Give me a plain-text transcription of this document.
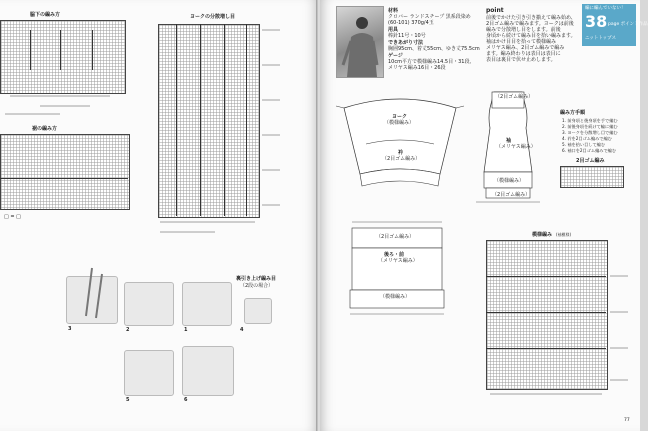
脇下の編み方
裾の編み方
□ = □
ヨークの分散増し目
裏引き上げ編み目
（2段の場合）
3	2	1	4
5	6
材料
クロバー ランドスチープ 黒系段染め
(60-101) 370g/4玉
用具
棒針11号・10号
できあがり寸法
胸囲95cm、着丈55cm、ゆき丈75.5cm
ゲージ
10cm平方で模様編み14.5目・31段、
メリヤス編み16目・26段
point
前後でかけた引き引き揃えて編み始め、
2目ゴム編みで編みます。ヨークは前後
編みで分散増し目をします。前後
身頃から続けて編み目を拾い編みます。
袖はかけ目目を拾って模様編み
メリヤス編み、2目ゴム編みで編み
ます。編み終わりは表目は表目に
表目は裏目で伏せ止めします。
編に編んでいない！
38 page ポイント作品
ニットトップス
ヨーク
（模様編み）
衿
（2目ゴム編み）
（2目ゴム編み）
後ろ・前
（メリヤス編み）
（模様編み）
（2目ゴム編み）
袖
（メリヤス編み）
（模様編み）
（2目ゴム編み）
編み方手順
1. 前身頃と後身頃を手で編む
2. 前後身頃を続けて輪に編む
3. ヨークを分散増し目で編む
4. 衿を2目ゴム編みで編む
5. 袖を拾い目して編む
6. 袖口を2目ゴム編みで編む
2目ゴム編み
模様編み (袖模様)
77
